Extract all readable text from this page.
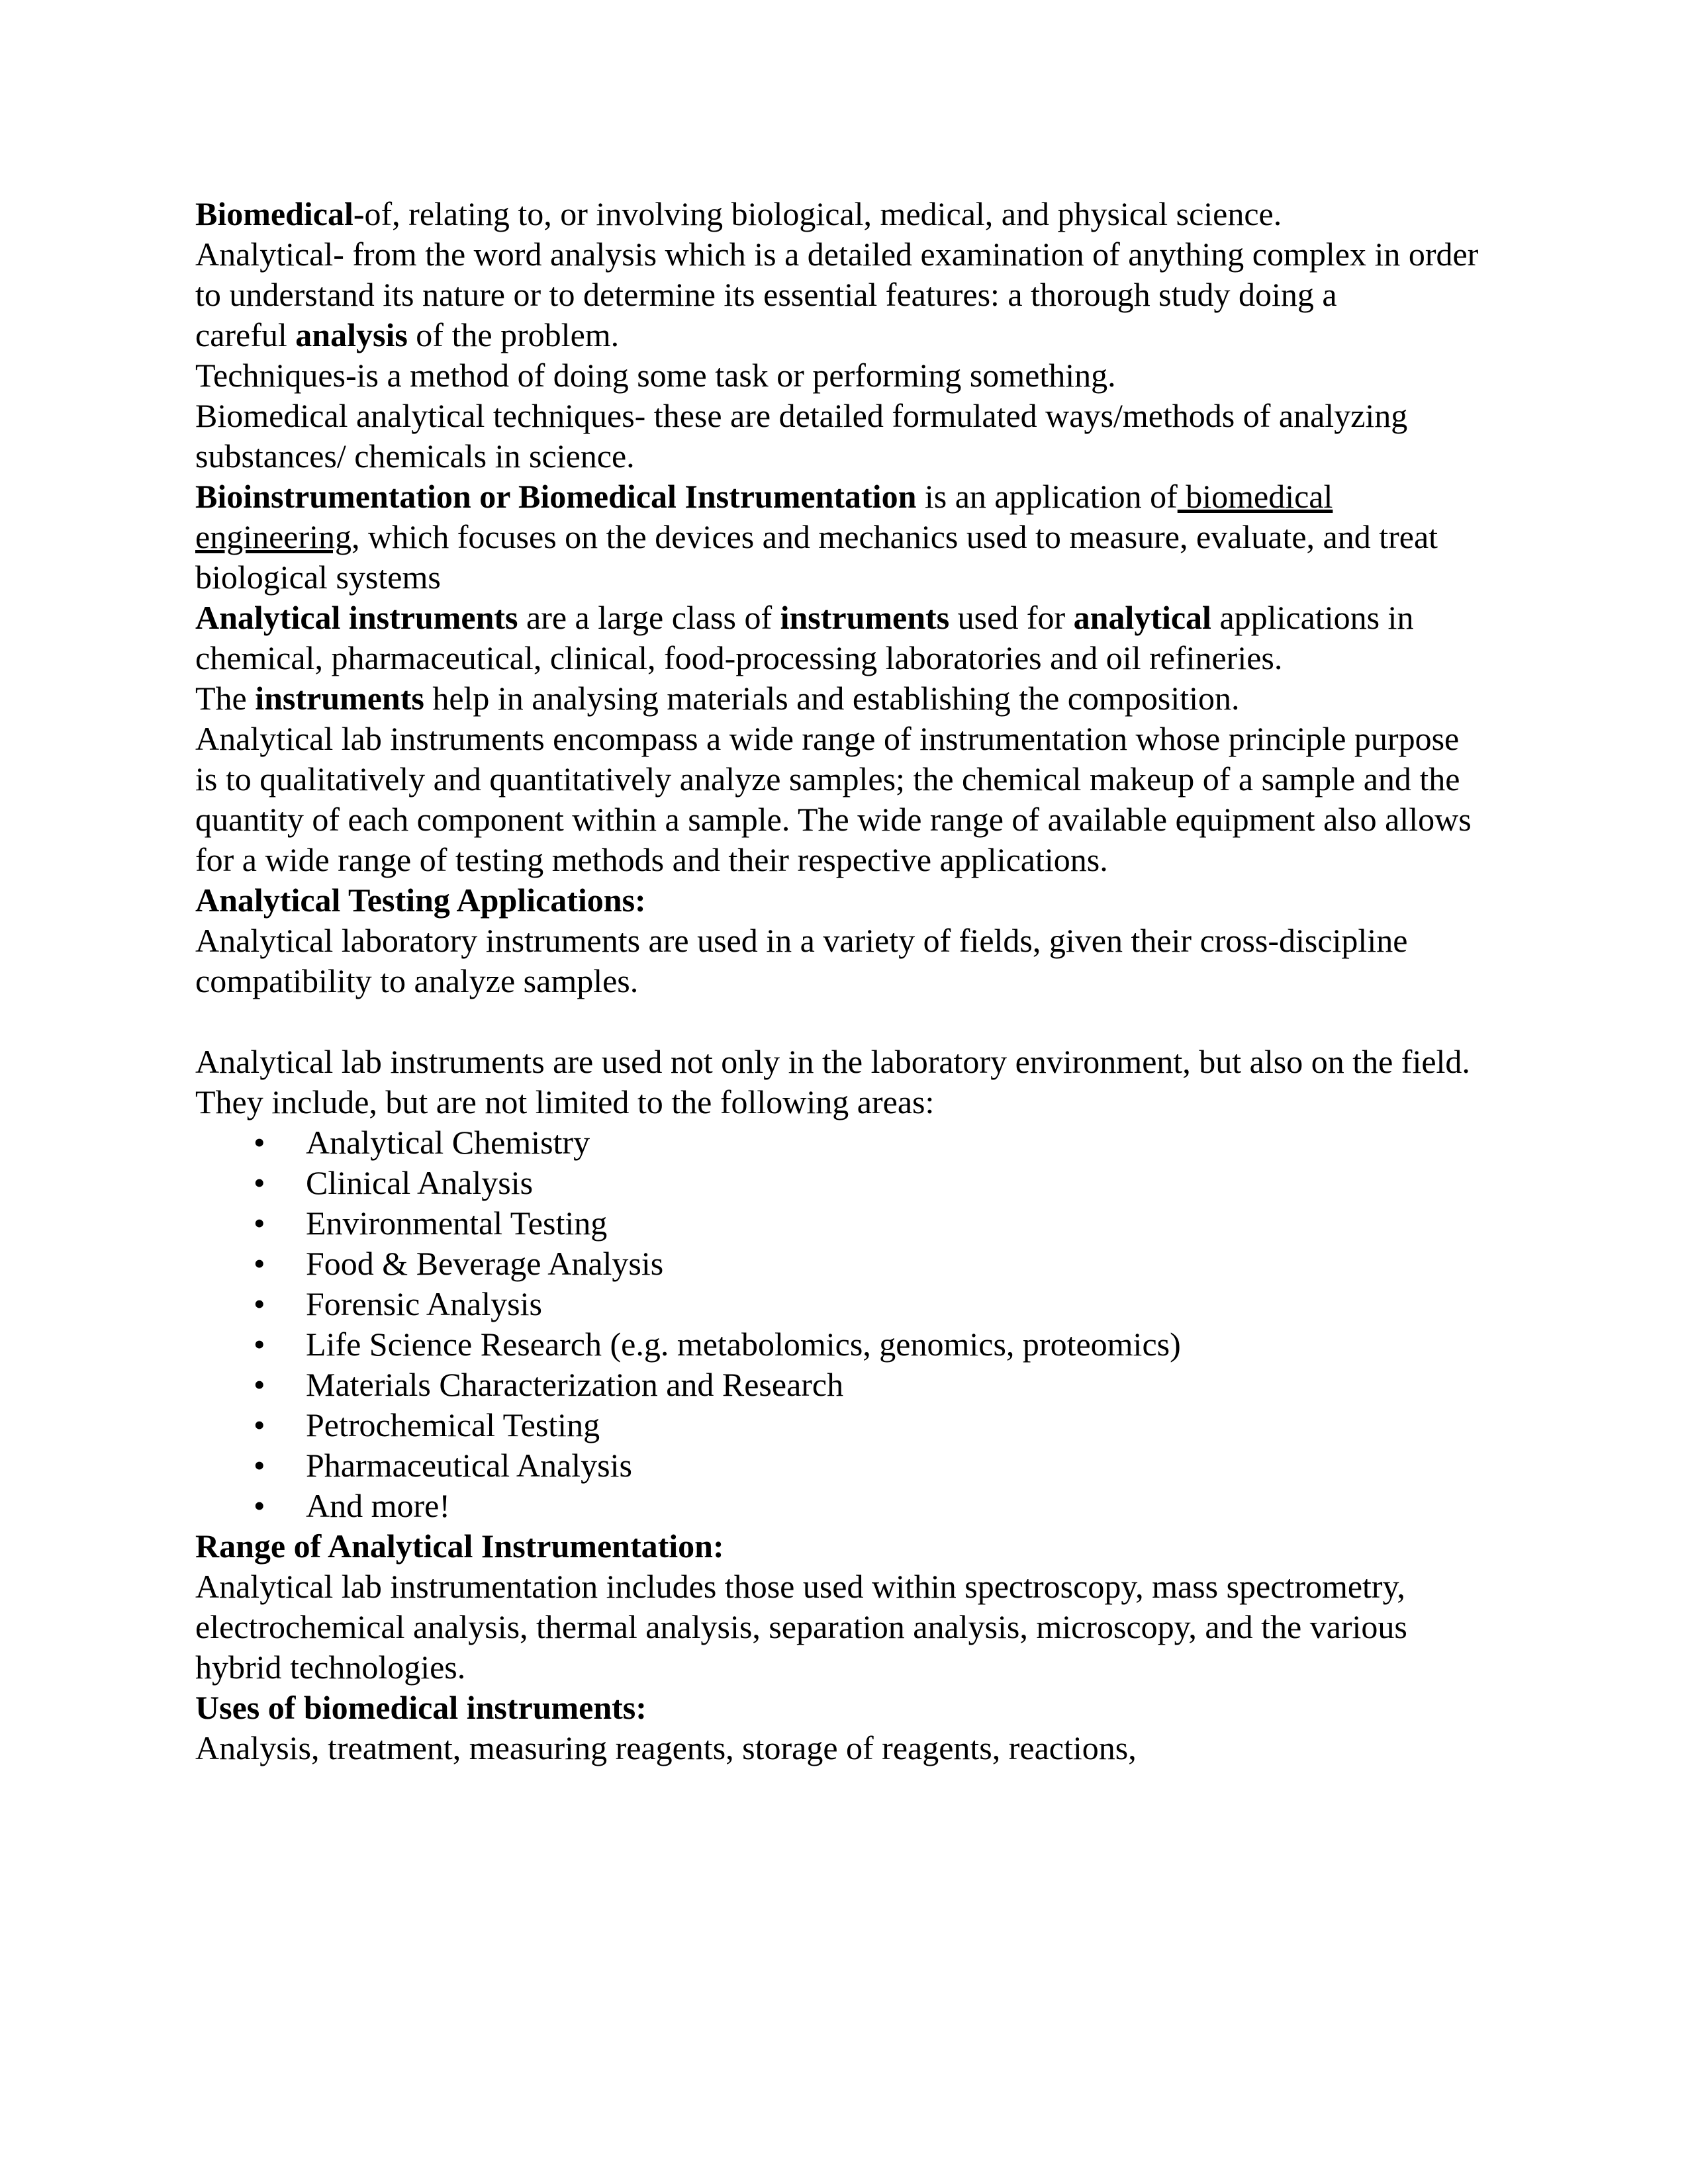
Biomedical-of, relating to, or involving biological, medical, and physical science.
Analytical- from the word analysis which is a detailed examination of anything complex in order
to understand its nature or to determine its essential features: a thorough study doing a
careful analysis of the problem.
Techniques-is a method of doing some task or performing something.
Biomedical analytical techniques- these are detailed formulated ways/methods of analyzing
substances/ chemicals in science.
Bioinstrumentation or Biomedical Instrumentation is an application of biomedical
engineering, which focuses on the devices and mechanics used to measure, evaluate, and treat
biological systems
Analytical instruments are a large class of instruments used for analytical applications in
chemical, pharmaceutical, clinical, food-processing laboratories and oil refineries.
The instruments help in analysing materials and establishing the composition.
Analytical lab instruments encompass a wide range of instrumentation whose principle purpose
is to qualitatively and quantitatively analyze samples; the chemical makeup of a sample and the
quantity of each component within a sample. The wide range of available equipment also allows
for a wide range of testing methods and their respective applications.
Analytical Testing Applications:
Analytical laboratory instruments are used in a variety of fields, given their cross-discipline
compatibility to analyze samples.
Analytical lab instruments are used not only in the laboratory environment, but also on the field.
They include, but are not limited to the following areas:
• Analytical Chemistry
• Clinical Analysis
• Environmental Testing
• Food & Beverage Analysis
• Forensic Analysis
• Life Science Research (e.g. metabolomics, genomics, proteomics)
• Materials Characterization and Research
• Petrochemical Testing
• Pharmaceutical Analysis
• And more!
Range of Analytical Instrumentation:
Analytical lab instrumentation includes those used within spectroscopy, mass spectrometry,
electrochemical analysis, thermal analysis, separation analysis, microscopy, and the various
hybrid technologies.
Uses of biomedical instruments:
Analysis, treatment, measuring reagents, storage of reagents, reactions,
